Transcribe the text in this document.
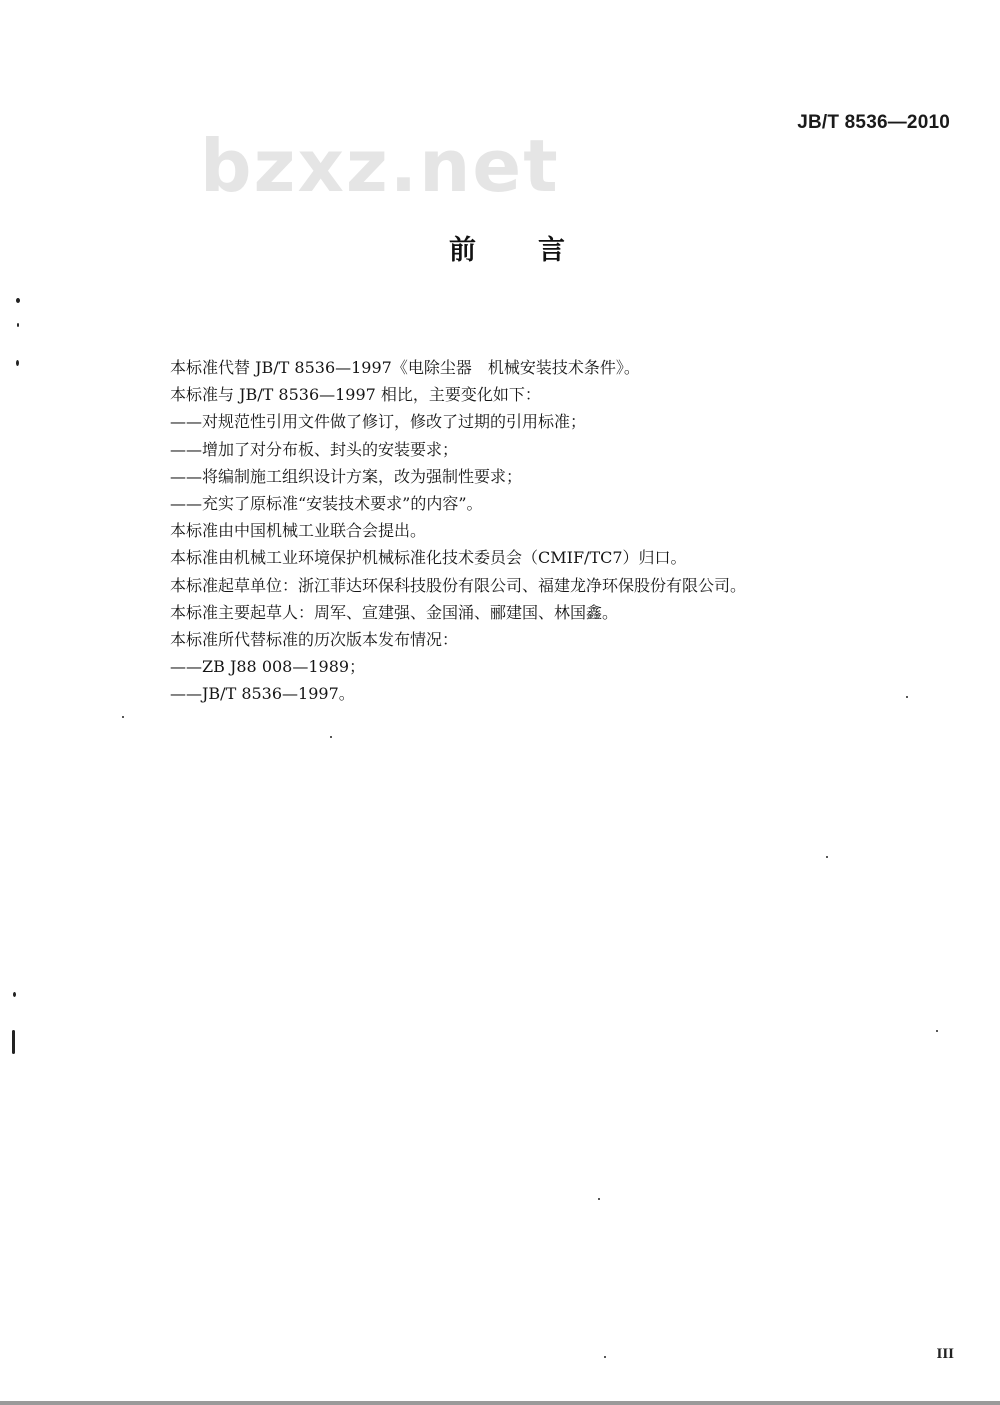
JB/T 8536—2010
bzxz.net
前言

本标准代替 JB/T 8536—1997《电除尘器　机械安装技术条件》。

本标准与 JB/T 8536—1997 相比，主要变化如下：

——对规范性引用文件做了修订，修改了过期的引用标准；

——增加了对分布板、封头的安装要求；

——将编制施工组织设计方案，改为强制性要求；

——充实了原标准“安装技术要求”的内容”。

本标准由中国机械工业联合会提出。

本标准由机械工业环境保护机械标准化技术委员会（CMIF/TC7）归口。

本标准起草单位：浙江菲达环保科技股份有限公司、福建龙净环保股份有限公司。

本标准主要起草人：周军、宣建强、金国涌、郦建国、林国鑫。

本标准所代替标准的历次版本发布情况：

——ZB J88 008—1989；

——JB/T 8536—1997。

III
